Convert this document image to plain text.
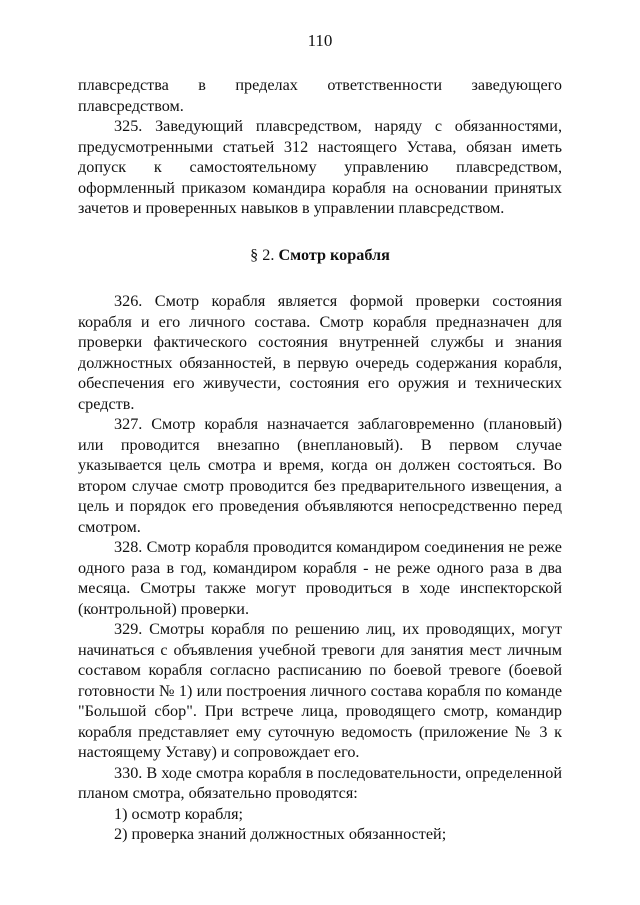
110

плавсредства в пределах ответственности заведующего плавсредством.

325. Заведующий плавсредством, наряду с обязанностями, предусмотренными статьей 312 настоящего Устава, обязан иметь допуск к самостоятельному управлению плавсредством, оформленный приказом командира корабля на основании принятых зачетов и проверенных навыков в управлении плавсредством.

§ 2. Смотр корабля

326. Смотр корабля является формой проверки состояния корабля и его личного состава. Смотр корабля предназначен для проверки фактического состояния внутренней службы и знания должностных обязанностей, в первую очередь содержания корабля, обеспечения его живучести, состояния его оружия и технических средств.

327. Смотр корабля назначается заблаговременно (плановый) или проводится внезапно (внеплановый). В первом случае указывается цель смотра и время, когда он должен состояться. Во втором случае смотр проводится без предварительного извещения, а цель и порядок его проведения объявляются непосредственно перед смотром.

328. Смотр корабля проводится командиром соединения не реже одного раза в год, командиром корабля - не реже одного раза в два месяца. Смотры также могут проводиться в ходе инспекторской (контрольной) проверки.

329. Смотры корабля по решению лиц, их проводящих, могут начинаться с объявления учебной тревоги для занятия мест личным составом корабля согласно расписанию по боевой тревоге (боевой готовности № 1) или построения личного состава корабля по команде "Большой сбор". При встрече лица, проводящего смотр, командир корабля представляет ему суточную ведомость (приложение № 3 к настоящему Уставу) и сопровождает его.

330. В ходе смотра корабля в последовательности, определенной планом смотра, обязательно проводятся:

1) осмотр корабля;

2) проверка знаний должностных обязанностей;
